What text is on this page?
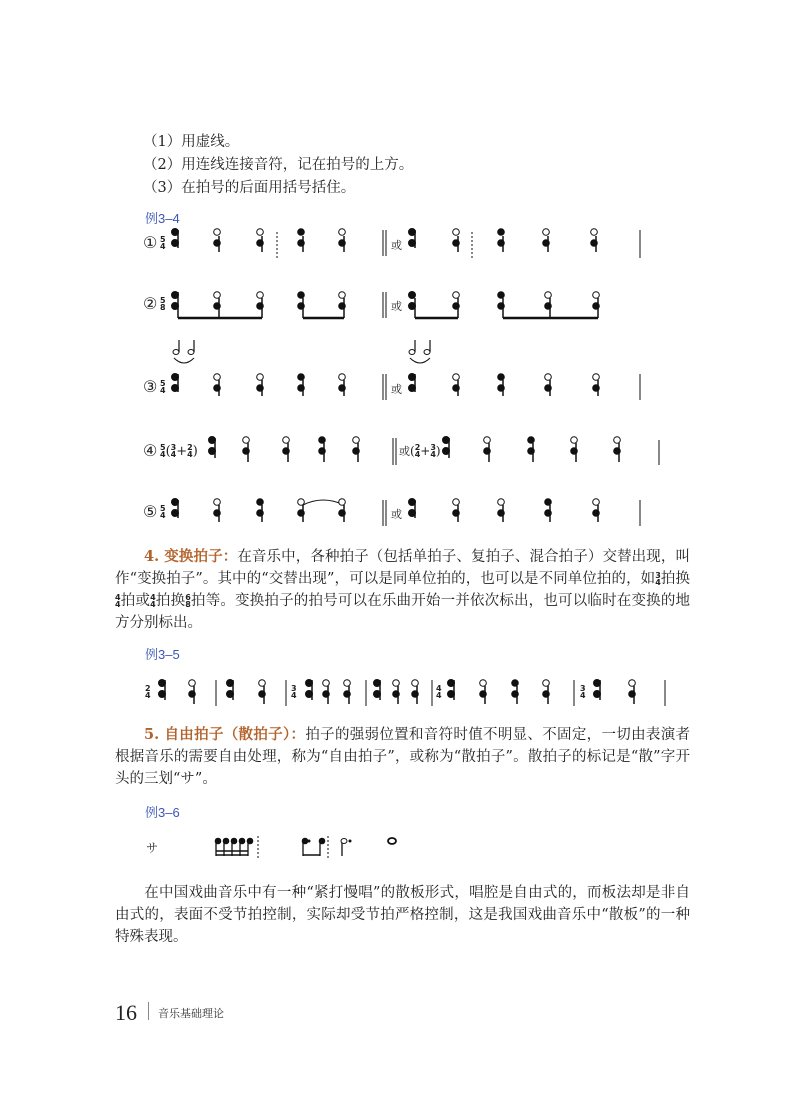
（1）用虚线。
（2）用连线连接音符，记在拍号的上方。
（3）在拍号的后面用括号括住。
例3–4
① 5
4	或
② 5
8	或
③ 5
4	或
④ 5
4 ( 3
4 + 2
4 )	或 ( 2
4 + 3
4 )
⑤ 5
4	或
4. 变换拍子：在音乐中，各种拍子（包括单拍子、复拍子、混合拍子）交替出现，叫作“变换拍子”。其中的“交替出现”，可以是同单位拍的，也可以是不同单位拍的，如 3
4 拍换
4
4 拍或 4
4 拍换 6
8 拍等。变换拍子的拍号可以在乐曲开始一并依次标出，也可以临时在变换的地方分别标出。
例3–5
2
4
3
4
4
4
3
4
5. 自由拍子（散拍子）：拍子的强弱位置和音符时值不明显、不固定，一切由表演者根据音乐的需要自由处理，称为“自由拍子”，或称为“散拍子”。散拍子的标记是“散”字开头的三划“サ”。
例3–6
サ
在中国戏曲音乐中有一种“紧打慢唱”的散板形式，唱腔是自由式的，而板法却是非自由式的，表面不受节拍控制，实际却受节拍严格控制，这是我国戏曲音乐中“散板”的一种特殊表现。
16 音乐基础理论
